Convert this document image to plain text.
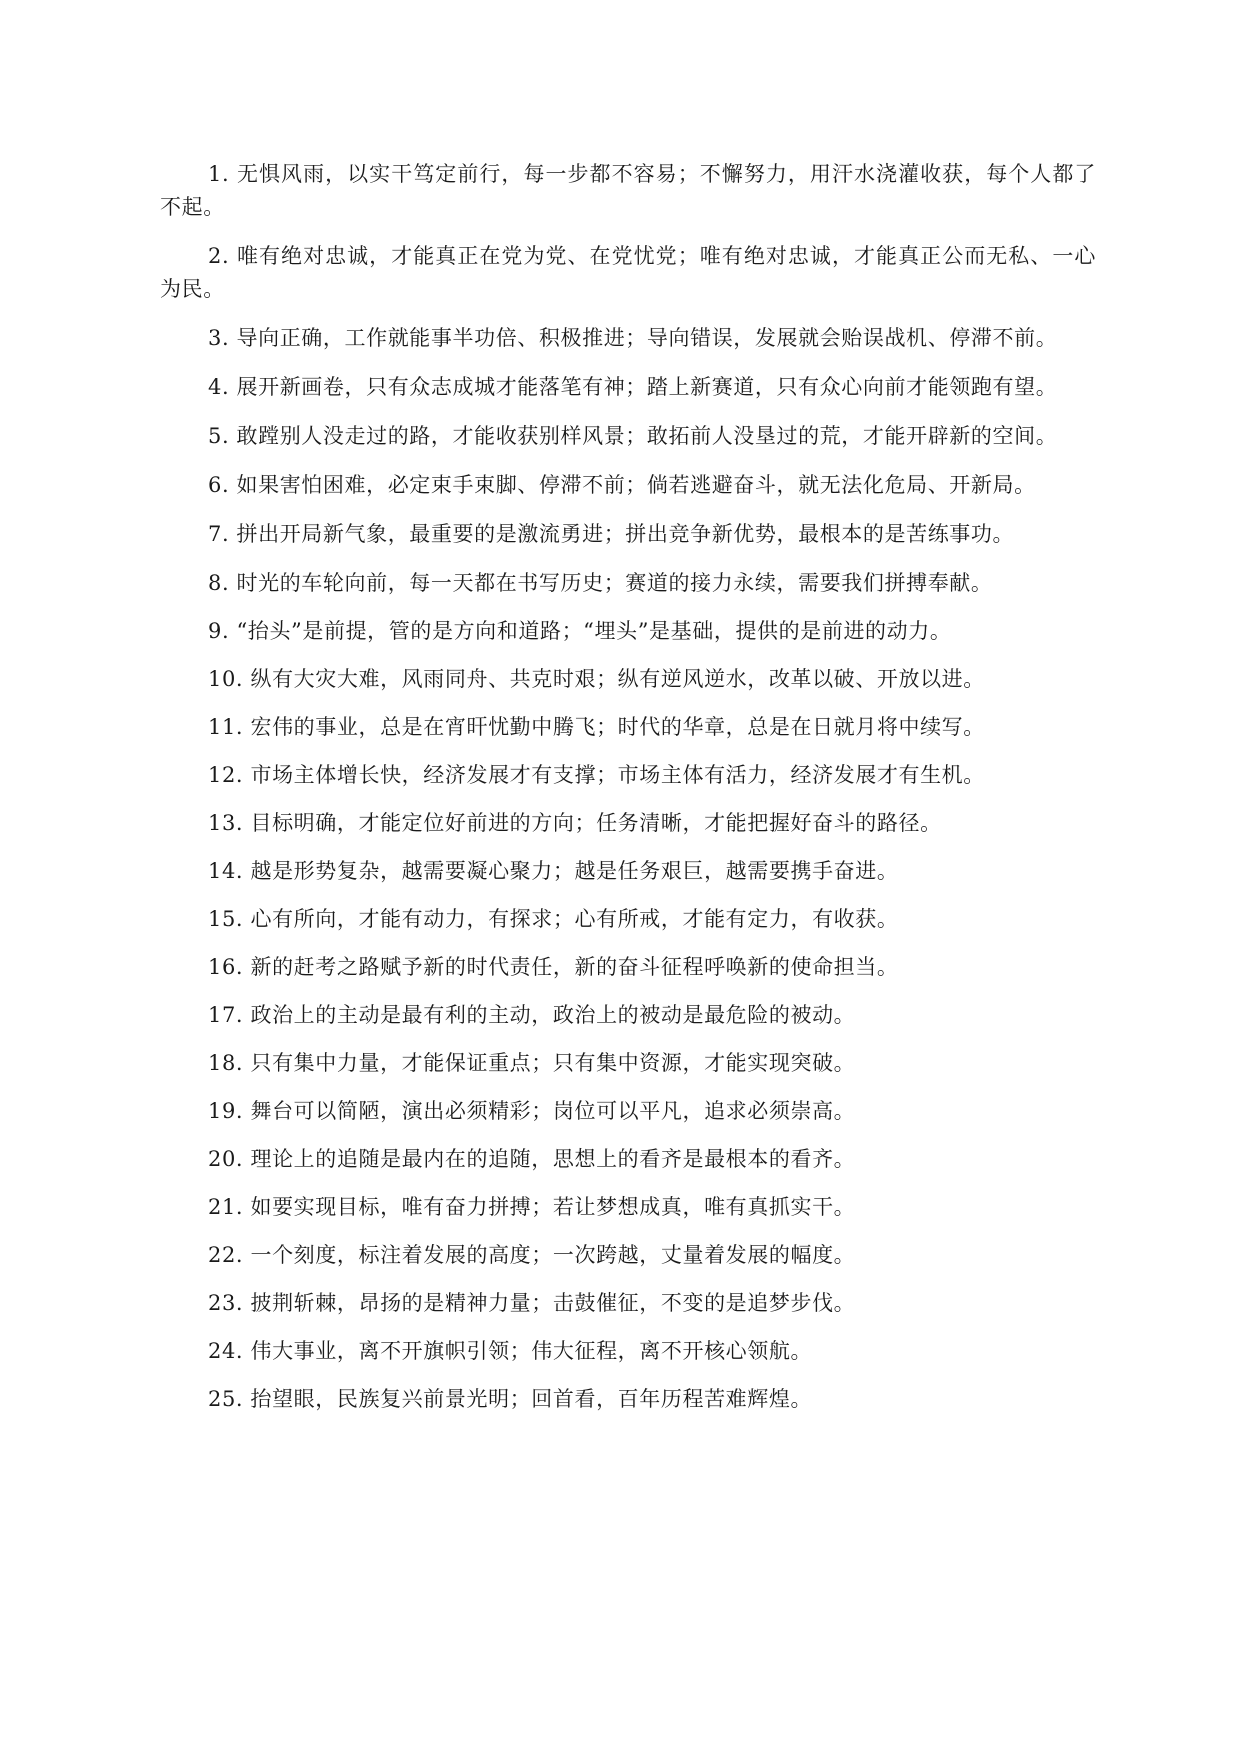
1. 无惧风雨，以实干笃定前行，每一步都不容易；不懈努力，用汗水浇灌收获，每个人都了不起。

2. 唯有绝对忠诚，才能真正在党为党、在党忧党；唯有绝对忠诚，才能真正公而无私、一心为民。

3. 导向正确，工作就能事半功倍、积极推进；导向错误，发展就会贻误战机、停滞不前。

4. 展开新画卷，只有众志成城才能落笔有神；踏上新赛道，只有众心向前才能领跑有望。

5. 敢蹚别人没走过的路，才能收获别样风景；敢拓前人没垦过的荒，才能开辟新的空间。

6. 如果害怕困难，必定束手束脚、停滞不前；倘若逃避奋斗，就无法化危局、开新局。

7. 拼出开局新气象，最重要的是激流勇进；拼出竞争新优势，最根本的是苦练事功。

8. 时光的车轮向前，每一天都在书写历史；赛道的接力永续，需要我们拼搏奉献。

9. “抬头”是前提，管的是方向和道路；“埋头”是基础，提供的是前进的动力。

10. 纵有大灾大难，风雨同舟、共克时艰；纵有逆风逆水，改革以破、开放以进。

11. 宏伟的事业，总是在宵旰忧勤中腾飞；时代的华章，总是在日就月将中续写。

12. 市场主体增长快，经济发展才有支撑；市场主体有活力，经济发展才有生机。

13. 目标明确，才能定位好前进的方向；任务清晰，才能把握好奋斗的路径。

14. 越是形势复杂，越需要凝心聚力；越是任务艰巨，越需要携手奋进。

15. 心有所向，才能有动力，有探求；心有所戒，才能有定力，有收获。

16. 新的赶考之路赋予新的时代责任，新的奋斗征程呼唤新的使命担当。

17. 政治上的主动是最有利的主动，政治上的被动是最危险的被动。

18. 只有集中力量，才能保证重点；只有集中资源，才能实现突破。

19. 舞台可以简陋，演出必须精彩；岗位可以平凡，追求必须崇高。

20. 理论上的追随是最内在的追随，思想上的看齐是最根本的看齐。

21. 如要实现目标，唯有奋力拼搏；若让梦想成真，唯有真抓实干。

22. 一个刻度，标注着发展的高度；一次跨越，丈量着发展的幅度。

23. 披荆斩棘，昂扬的是精神力量；击鼓催征，不变的是追梦步伐。

24. 伟大事业，离不开旗帜引领；伟大征程，离不开核心领航。

25. 抬望眼，民族复兴前景光明；回首看，百年历程苦难辉煌。
